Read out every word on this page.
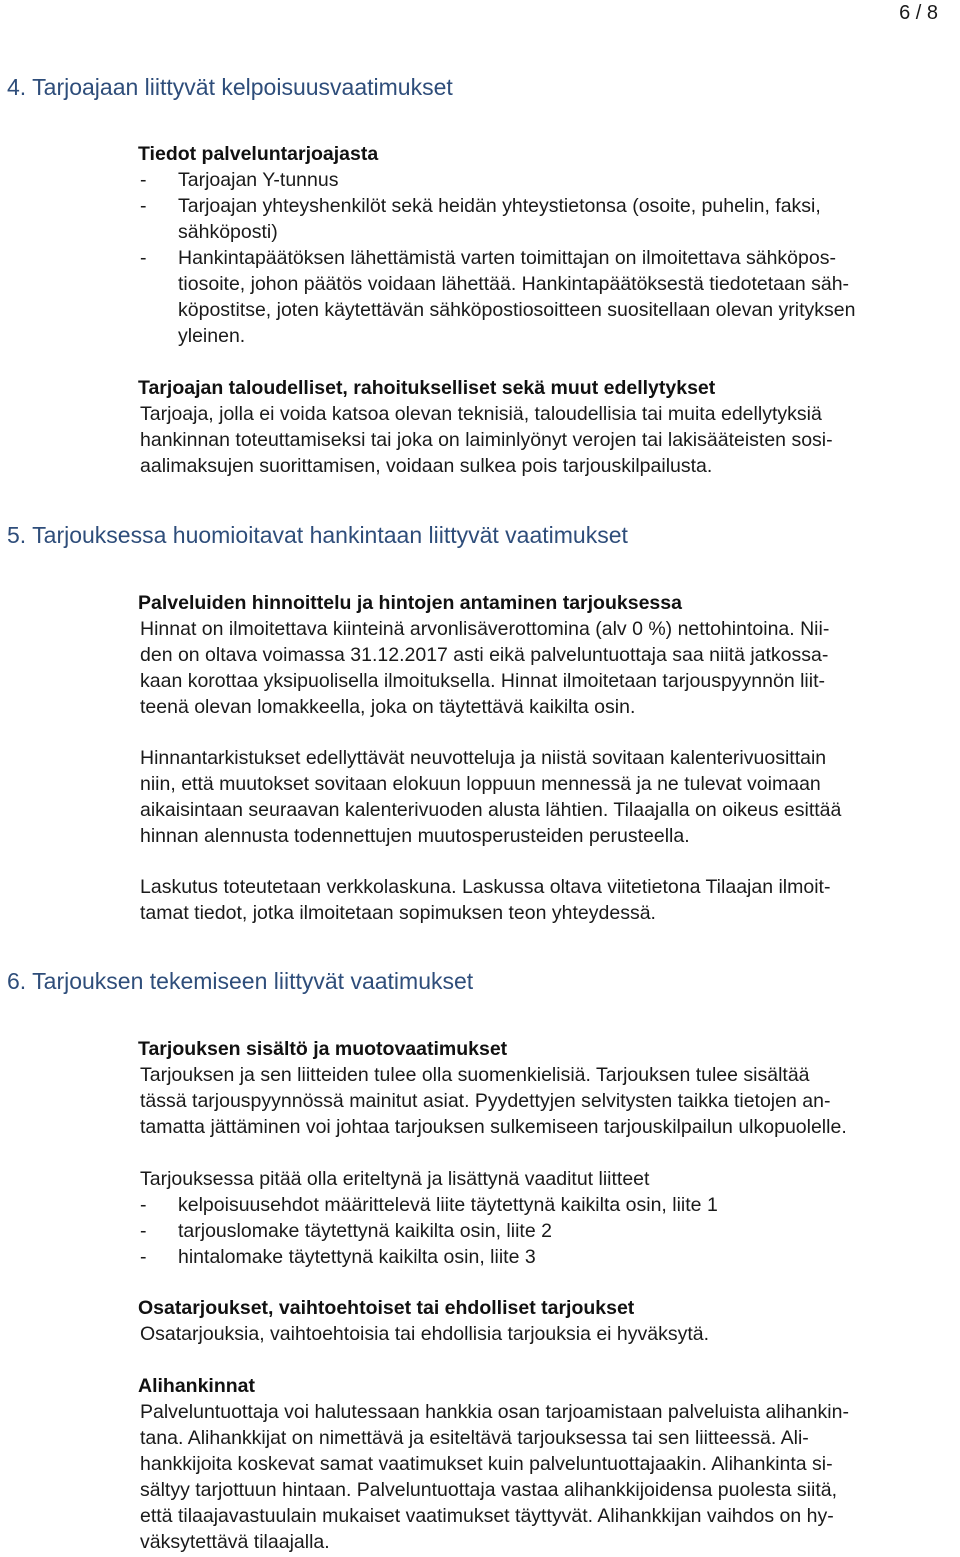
6 / 8
4. Tarjoajaan liittyvät kelpoisuusvaatimukset
Tiedot palveluntarjoajasta
- Tarjoajan Y-tunnus
- Tarjoajan yhteyshenkilöt sekä heidän yhteystietonsa (osoite, puhelin, faksi,
sähköposti)
- Hankintapäätöksen lähettämistä varten toimittajan on ilmoitettava sähköpos-
tiosoite, johon päätös voidaan lähettää. Hankintapäätöksestä tiedotetaan säh-
köpostitse, joten käytettävän sähköpostiosoitteen suositellaan olevan yrityksen
yleinen.
Tarjoajan taloudelliset, rahoitukselliset sekä muut edellytykset
Tarjoaja, jolla ei voida katsoa olevan teknisiä, taloudellisia tai muita edellytyksiä
hankinnan toteuttamiseksi tai joka on laiminlyönyt verojen tai lakisääteisten sosi-
aalimaksujen suorittamisen, voidaan sulkea pois tarjouskilpailusta.
5. Tarjouksessa huomioitavat hankintaan liittyvät vaatimukset
Palveluiden hinnoittelu ja hintojen antaminen tarjouksessa
Hinnat on ilmoitettava kiinteinä arvonlisäverottomina (alv 0 %) nettohintoina. Nii-
den on oltava voimassa 31.12.2017 asti eikä palveluntuottaja saa niitä jatkossa-
kaan korottaa yksipuolisella ilmoituksella. Hinnat ilmoitetaan tarjouspyynnön liit-
teenä olevan lomakkeella, joka on täytettävä kaikilta osin.
Hinnantarkistukset edellyttävät neuvotteluja ja niistä sovitaan kalenterivuosittain
niin, että muutokset sovitaan elokuun loppuun mennessä ja ne tulevat voimaan
aikaisintaan seuraavan kalenterivuoden alusta lähtien. Tilaajalla on oikeus esittää
hinnan alennusta todennettujen muutosperusteiden perusteella.
Laskutus toteutetaan verkkolaskuna. Laskussa oltava viitetietona Tilaajan ilmoit-
tamat tiedot, jotka ilmoitetaan sopimuksen teon yhteydessä.
6. Tarjouksen tekemiseen liittyvät vaatimukset
Tarjouksen sisältö ja muotovaatimukset
Tarjouksen ja sen liitteiden tulee olla suomenkielisiä. Tarjouksen tulee sisältää
tässä tarjouspyynnössä mainitut asiat. Pyydettyjen selvitysten taikka tietojen an-
tamatta jättäminen voi johtaa tarjouksen sulkemiseen tarjouskilpailun ulkopuolelle.
Tarjouksessa pitää olla eriteltynä ja lisättynä vaaditut liitteet
- kelpoisuusehdot määrittelevä liite täytettynä kaikilta osin, liite 1
- tarjouslomake täytettynä kaikilta osin, liite 2
- hintalomake täytettynä kaikilta osin, liite 3
Osatarjoukset, vaihtoehtoiset tai ehdolliset tarjoukset
Osatarjouksia, vaihtoehtoisia tai ehdollisia tarjouksia ei hyväksytä.
Alihankinnat
Palveluntuottaja voi halutessaan hankkia osan tarjoamistaan palveluista alihankin-
tana. Alihankkijat on nimettävä ja esiteltävä tarjouksessa tai sen liitteessä. Ali-
hankkijoita koskevat samat vaatimukset kuin palveluntuottajaakin. Alihankinta si-
sältyy tarjottuun hintaan. Palveluntuottaja vastaa alihankkijoidensa puolesta siitä,
että tilaajavastuulain mukaiset vaatimukset täyttyvät. Alihankkijan vaihdos on hy-
väksytettävä tilaajalla.
